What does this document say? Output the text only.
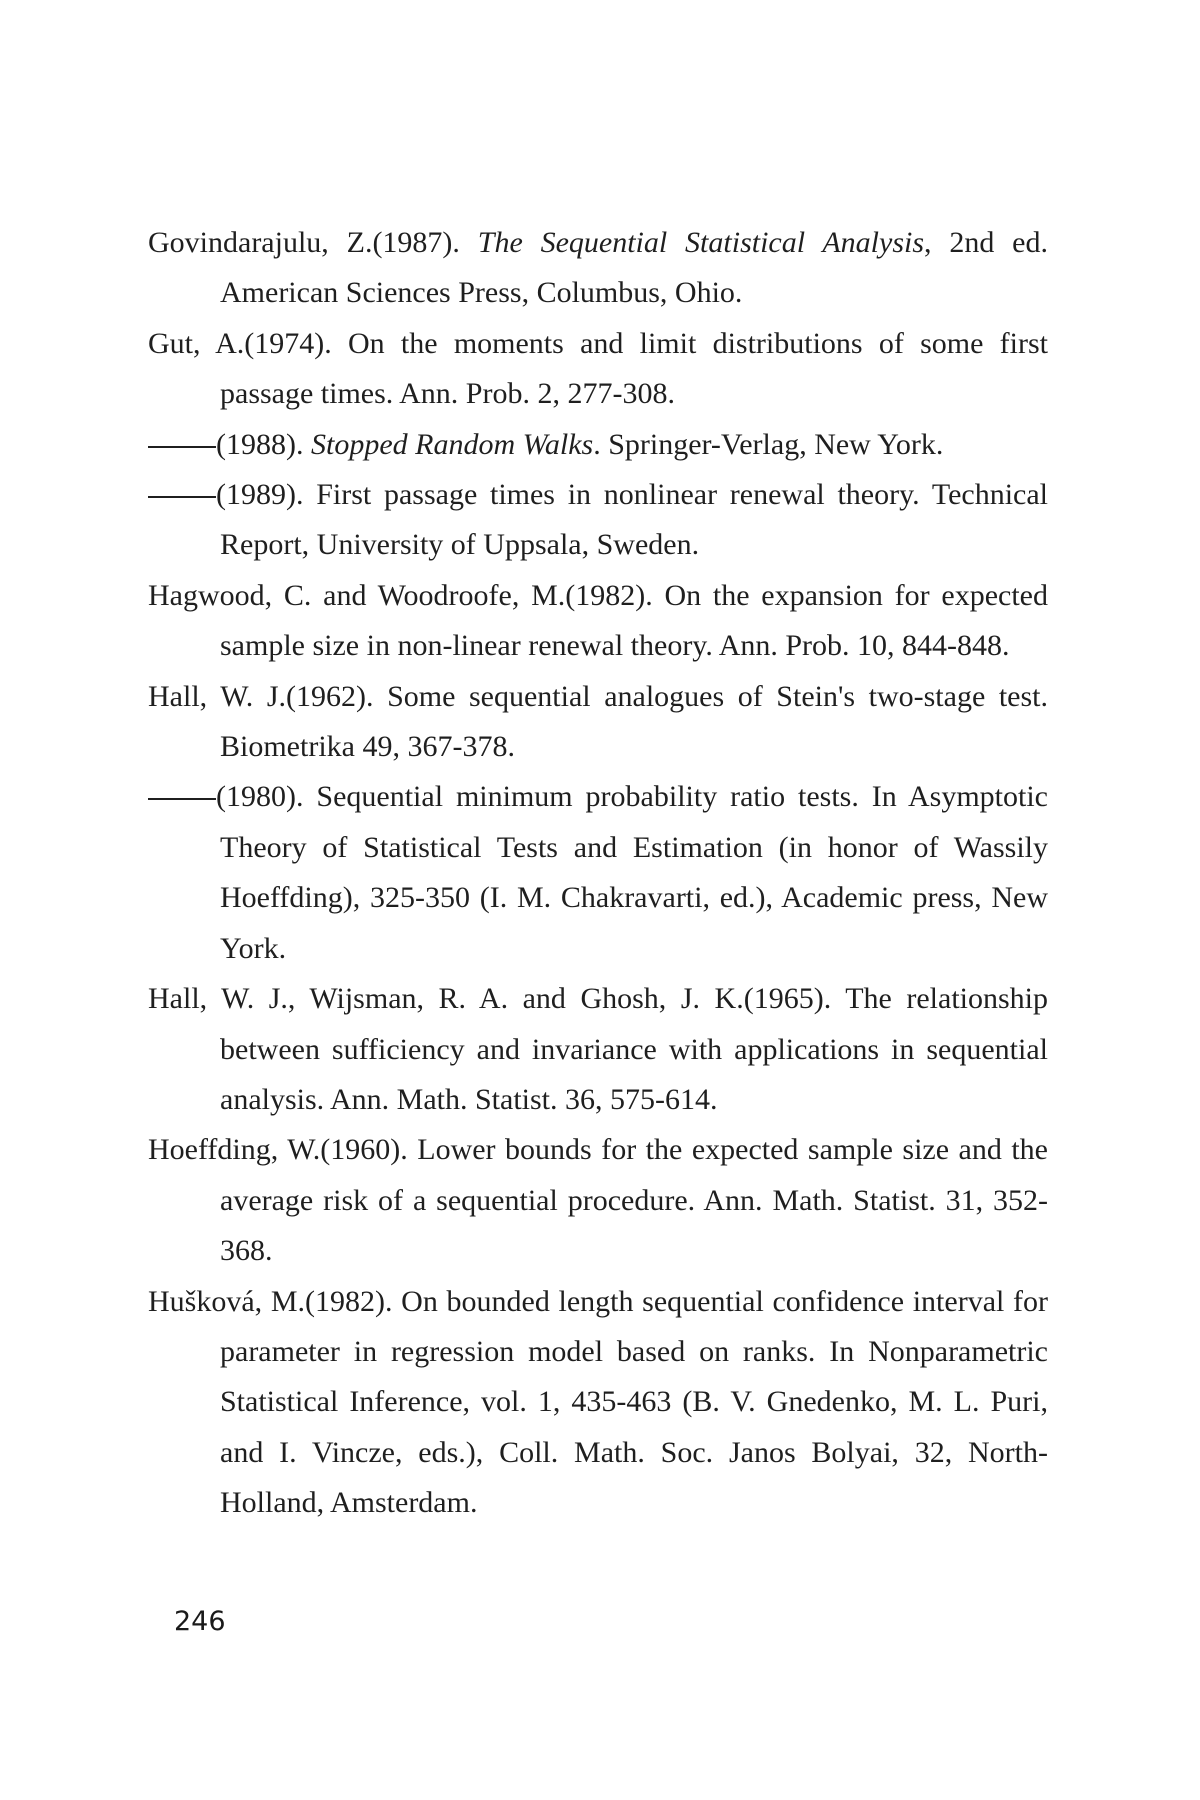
Govindarajulu, Z.(1987). The Sequential Statistical Analysis, 2nd ed. American Sciences Press, Columbus, Ohio.

Gut, A.(1974). On the moments and limit distributions of some first passage times. Ann. Prob. 2, 277-308.

(1988). Stopped Random Walks. Springer-Verlag, New York.

(1989). First passage times in nonlinear renewal theory. Technical Report, University of Uppsala, Sweden.

Hagwood, C. and Woodroofe, M.(1982). On the expansion for expected sample size in non-linear renewal theory. Ann. Prob. 10, 844-848.

Hall, W. J.(1962). Some sequential analogues of Stein's two-stage test. Biometrika 49, 367-378.

(1980). Sequential minimum probability ratio tests. In Asymptotic Theory of Statistical Tests and Estimation (in honor of Wassily Hoeffding), 325-350 (I. M. Chakravarti, ed.), Academic press, New York.

Hall, W. J., Wijsman, R. A. and Ghosh, J. K.(1965). The relationship between sufficiency and invariance with applications in sequential analysis. Ann. Math. Statist. 36, 575-614.

Hoeffding, W.(1960). Lower bounds for the expected sample size and the average risk of a sequential procedure. Ann. Math. Statist. 31, 352-368.

Hušková, M.(1982). On bounded length sequential confidence interval for parameter in regression model based on ranks. In Nonparametric Statistical Inference, vol. 1, 435-463 (B. V. Gnedenko, M. L. Puri, and I. Vincze, eds.), Coll. Math. Soc. Janos Bolyai, 32, North-Holland, Amsterdam.

246
